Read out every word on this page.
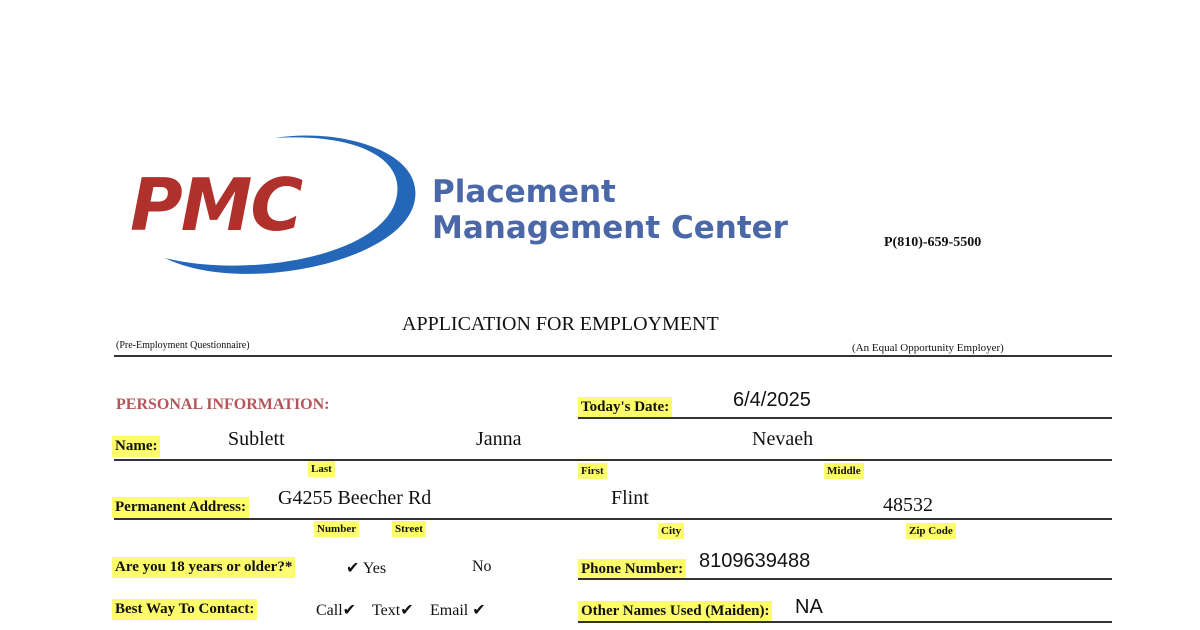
PMC	Placement
Management Center	P(810)-659-5500
APPLICATION FOR EMPLOYMENT
(Pre-Employment Questionnaire)	(An Equal Opportunity Employer)
PERSONAL INFORMATION:	Today's Date:	6/4/2025
Name:	Sublett	Janna	Nevaeh
Last	First	Middle
Permanent Address: G4255 Beecher Rd	Flint	48532
Number	Street	City	Zip Code
Are you 18 years or older?*	✔ Yes	No	Phone Number: 8109639488
Best Way To Contact:	Call✔ Text✔ Email ✔	Other Names Used (Maiden): NA
